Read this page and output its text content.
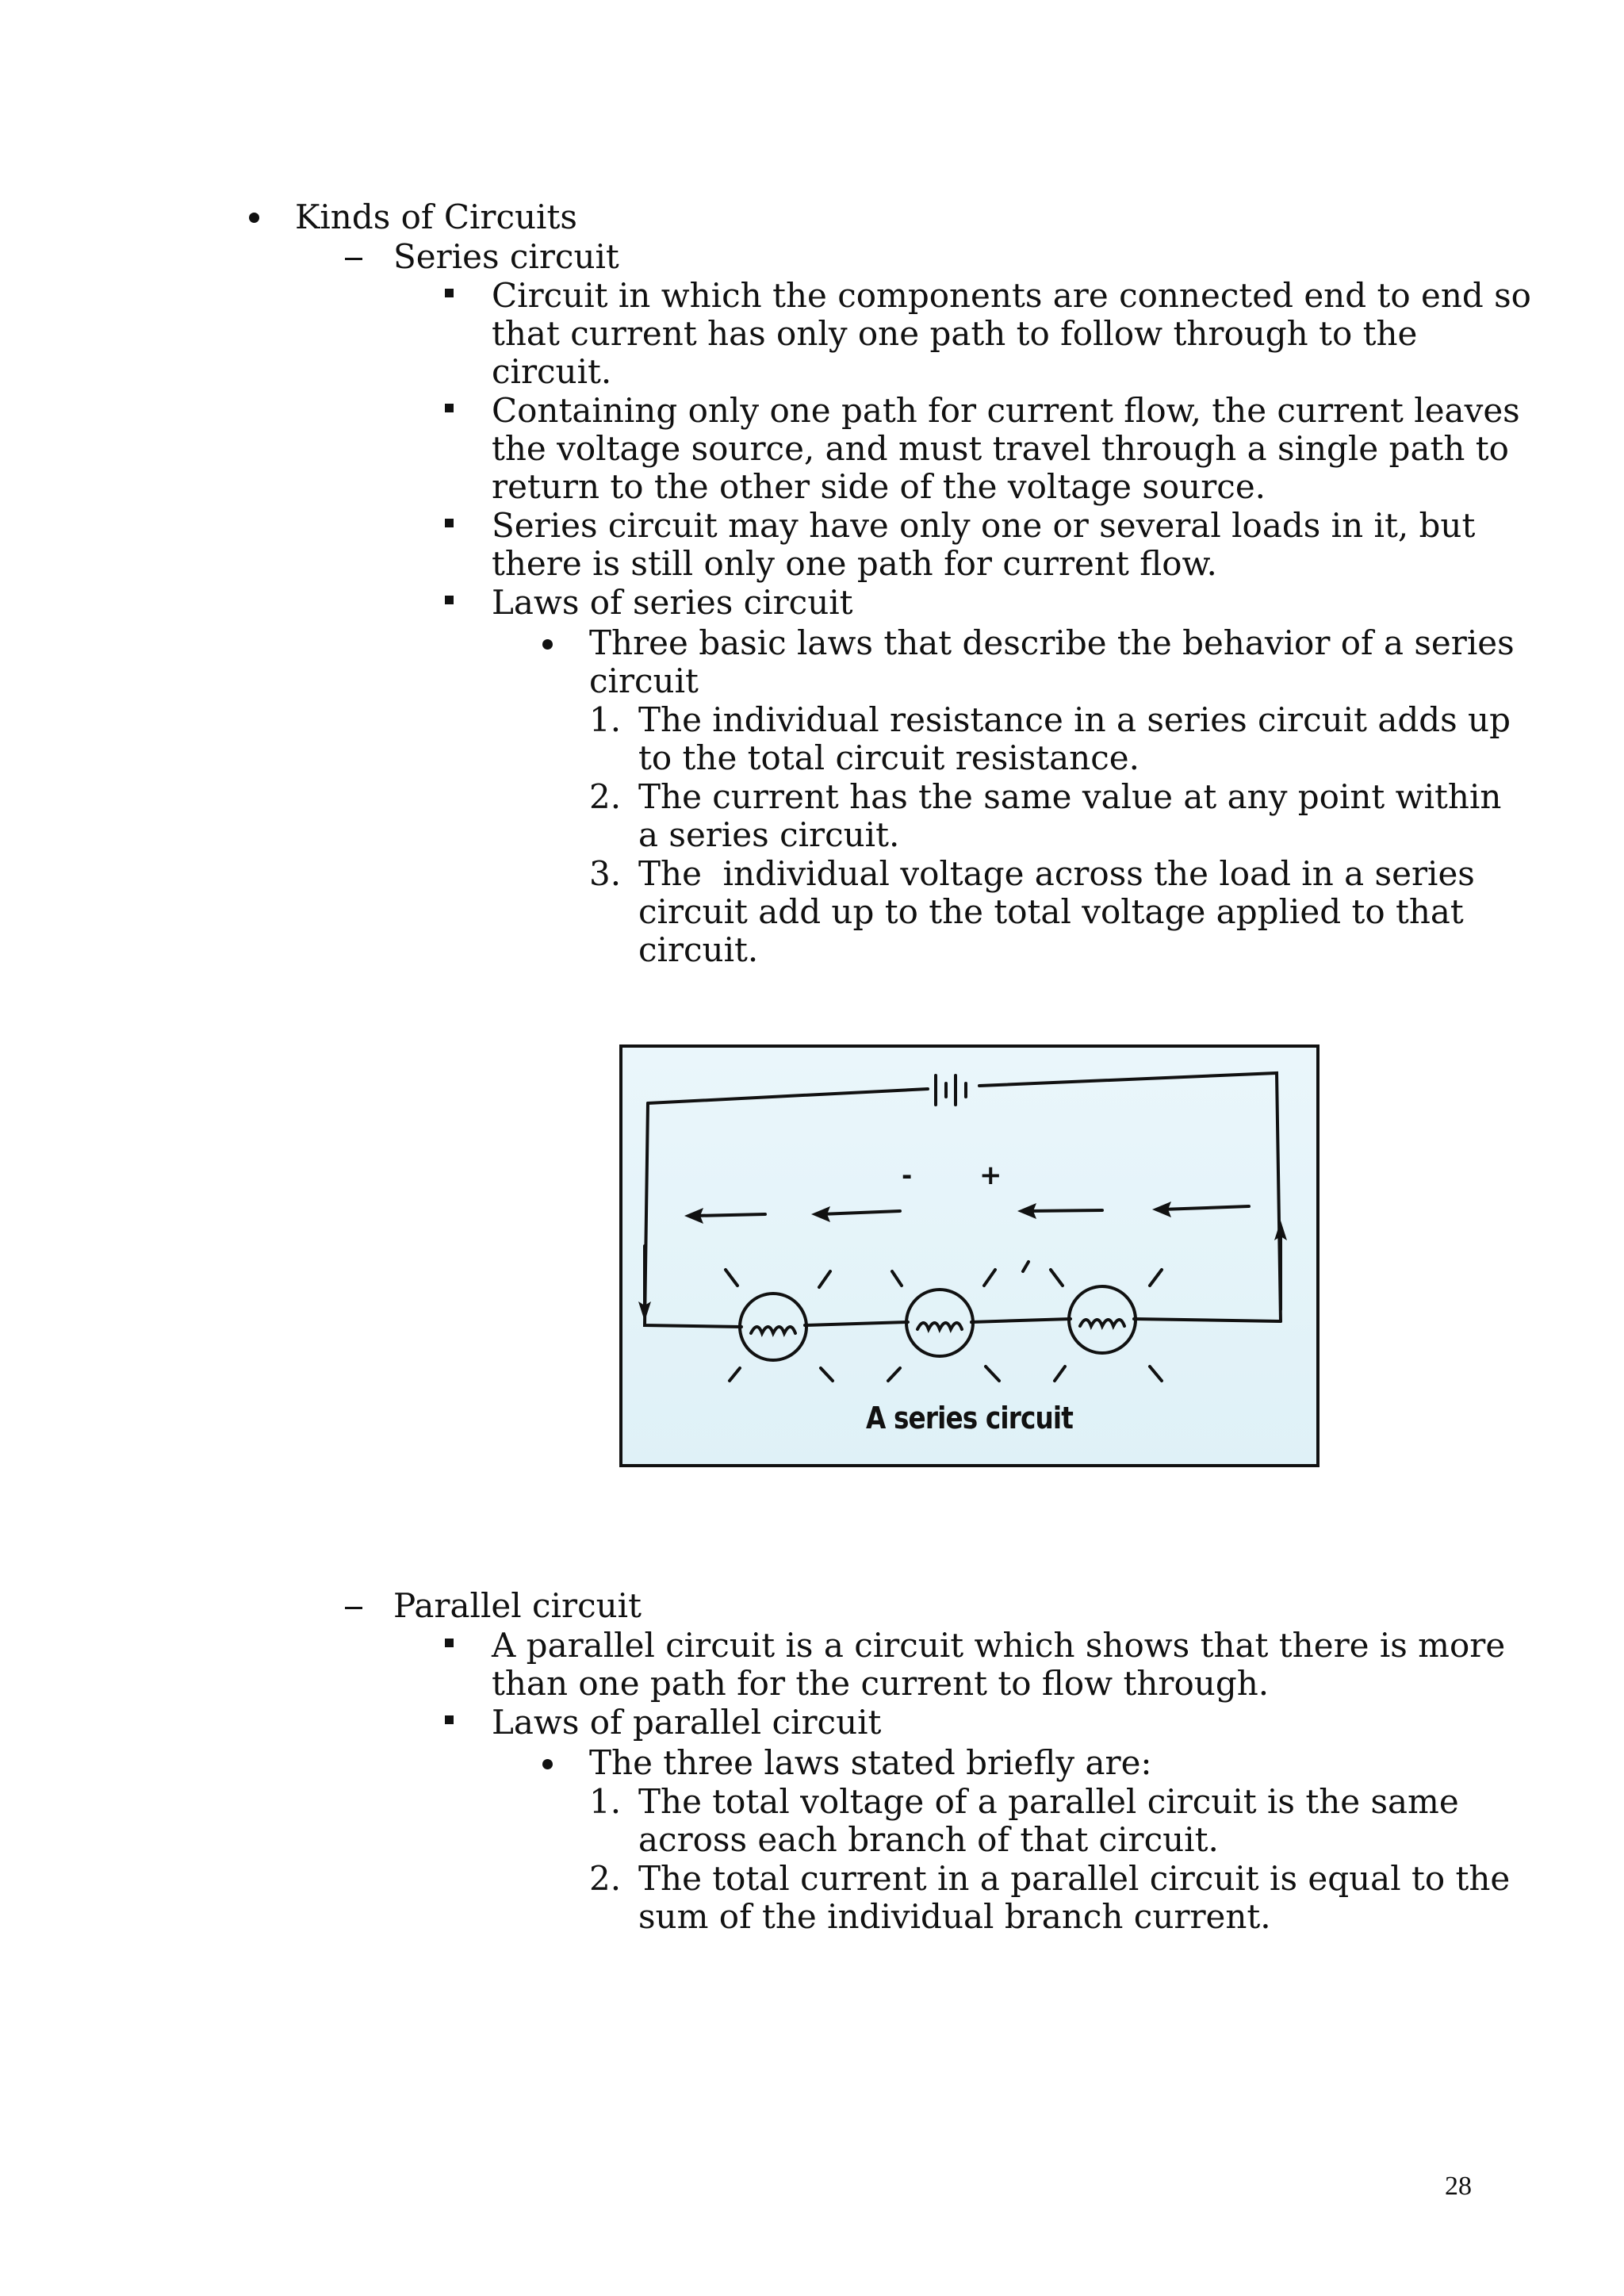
Kinds of Circuits
Series circuit
Circuit in which the components are connected end to end so
that current has only one path to follow through to the
circuit.
Containing only one path for current flow, the current leaves
the voltage source, and must travel through a single path to
return to the other side of the voltage source.
Series circuit may have only one or several loads in it, but
there is still only one path for current flow.
Laws of series circuit
Three basic laws that describe the behavior of a series
circuit
1. The individual resistance in a series circuit adds up
to the total circuit resistance.
2. The current has the same value at any point within
a series circuit.
3. The  individual voltage across the load in a series
circuit add up to the total voltage applied to that
circuit.
- +
A series circuit
Parallel circuit
A parallel circuit is a circuit which shows that there is more
than one path for the current to flow through.
Laws of parallel circuit
The three laws stated briefly are:
1. The total voltage of a parallel circuit is the same
across each branch of that circuit.
2. The total current in a parallel circuit is equal to the
sum of the individual branch current.
28
